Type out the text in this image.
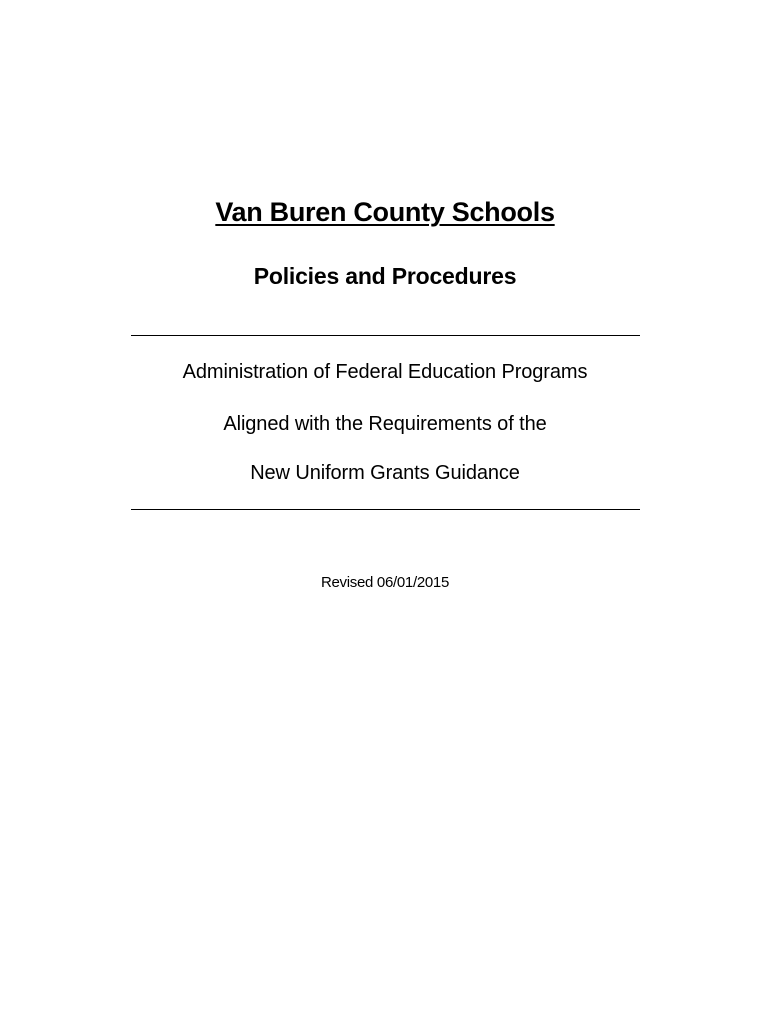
Van Buren County Schools
Policies and Procedures
Administration of Federal Education Programs
Aligned with the Requirements of the
New Uniform Grants Guidance
Revised 06/01/2015
